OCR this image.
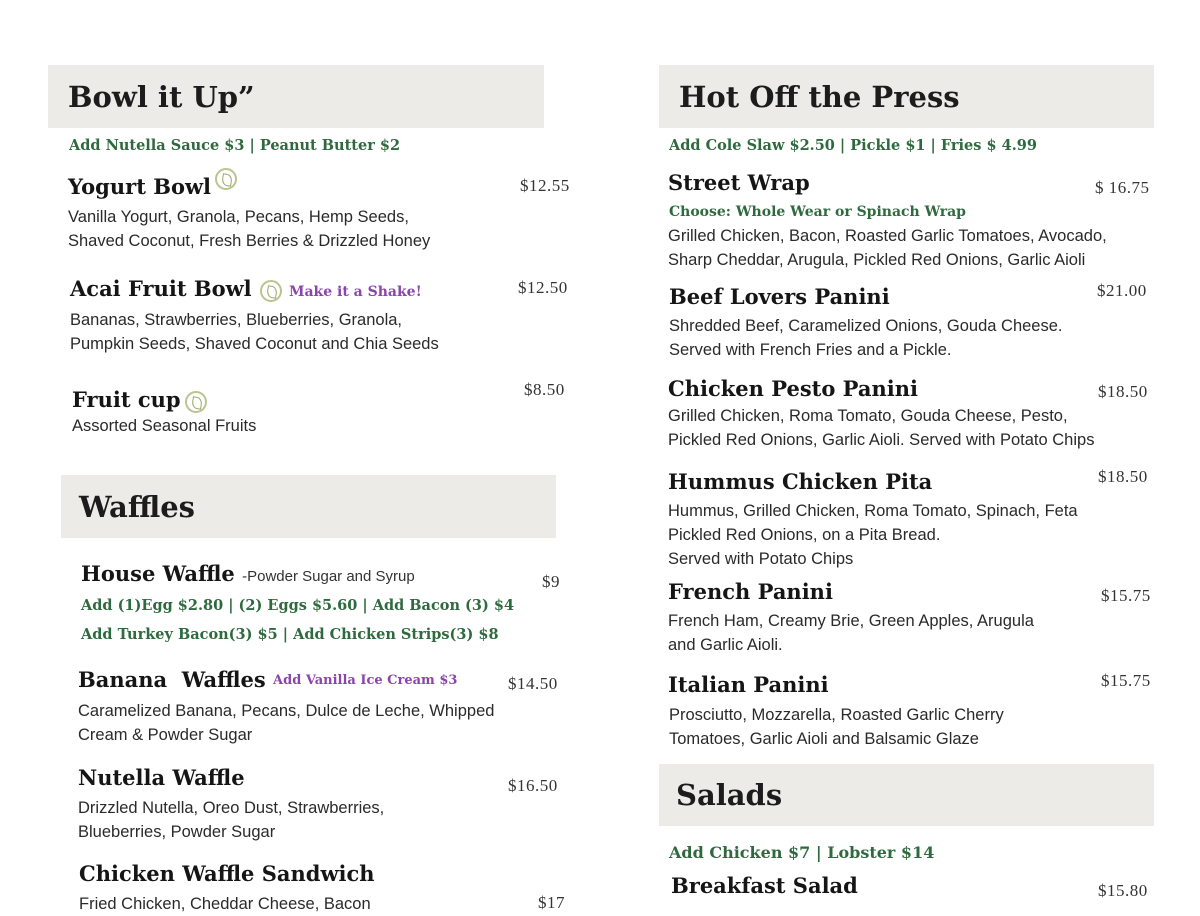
Bowl it Up”
Add Nutella Sauce $3 | Peanut Butter $2
Yogurt Bowl	$12.55
Vanilla Yogurt, Granola, Pecans, Hemp Seeds,
Shaved Coconut, Fresh Berries & Drizzled Honey
Acai Fruit Bowl	Make it a Shake!	$12.50
Bananas, Strawberries, Blueberries, Granola,
Pumpkin Seeds, Shaved Coconut and Chia Seeds
Fruit cup	$8.50
Assorted Seasonal Fruits
Waffles
House Waffle -Powder Sugar and Syrup	$9
Add (1)Egg $2.80 | (2) Eggs $5.60 | Add Bacon (3) $4
Add Turkey Bacon(3) $5 | Add Chicken Strips(3) $8
Banana  Waffles Add Vanilla Ice Cream $3	$14.50
Caramelized Banana, Pecans, Dulce de Leche, Whipped
Cream & Powder Sugar
Nutella Waffle	$16.50
Drizzled Nutella, Oreo Dust, Strawberries,
Blueberries, Powder Sugar
Chicken Waffle Sandwich
$17
Fried Chicken, Cheddar Cheese, Bacon
Hot Off the Press
Add Cole Slaw $2.50 | Pickle $1 | Fries $ 4.99
Street Wrap	$ 16.75
Choose: Whole Wear or Spinach Wrap
Grilled Chicken, Bacon, Roasted Garlic Tomatoes, Avocado,
Sharp Cheddar, Arugula, Pickled Red Onions, Garlic Aioli
Beef Lovers Panini	$21.00
Shredded Beef, Caramelized Onions, Gouda Cheese.
Served with French Fries and a Pickle.
Chicken Pesto Panini	$18.50
Grilled Chicken, Roma Tomato, Gouda Cheese, Pesto,
Pickled Red Onions, Garlic Aioli. Served with Potato Chips
Hummus Chicken Pita	$18.50
Hummus, Grilled Chicken, Roma Tomato, Spinach, Feta
Pickled Red Onions, on a Pita Bread.
Served with Potato Chips
French Panini	$15.75
French Ham, Creamy Brie, Green Apples, Arugula
and Garlic Aioli.
Italian Panini	$15.75
Prosciutto, Mozzarella, Roasted Garlic Cherry
Tomatoes, Garlic Aioli and Balsamic Glaze
Salads
Add Chicken $7 | Lobster $14
Breakfast Salad	$15.80
